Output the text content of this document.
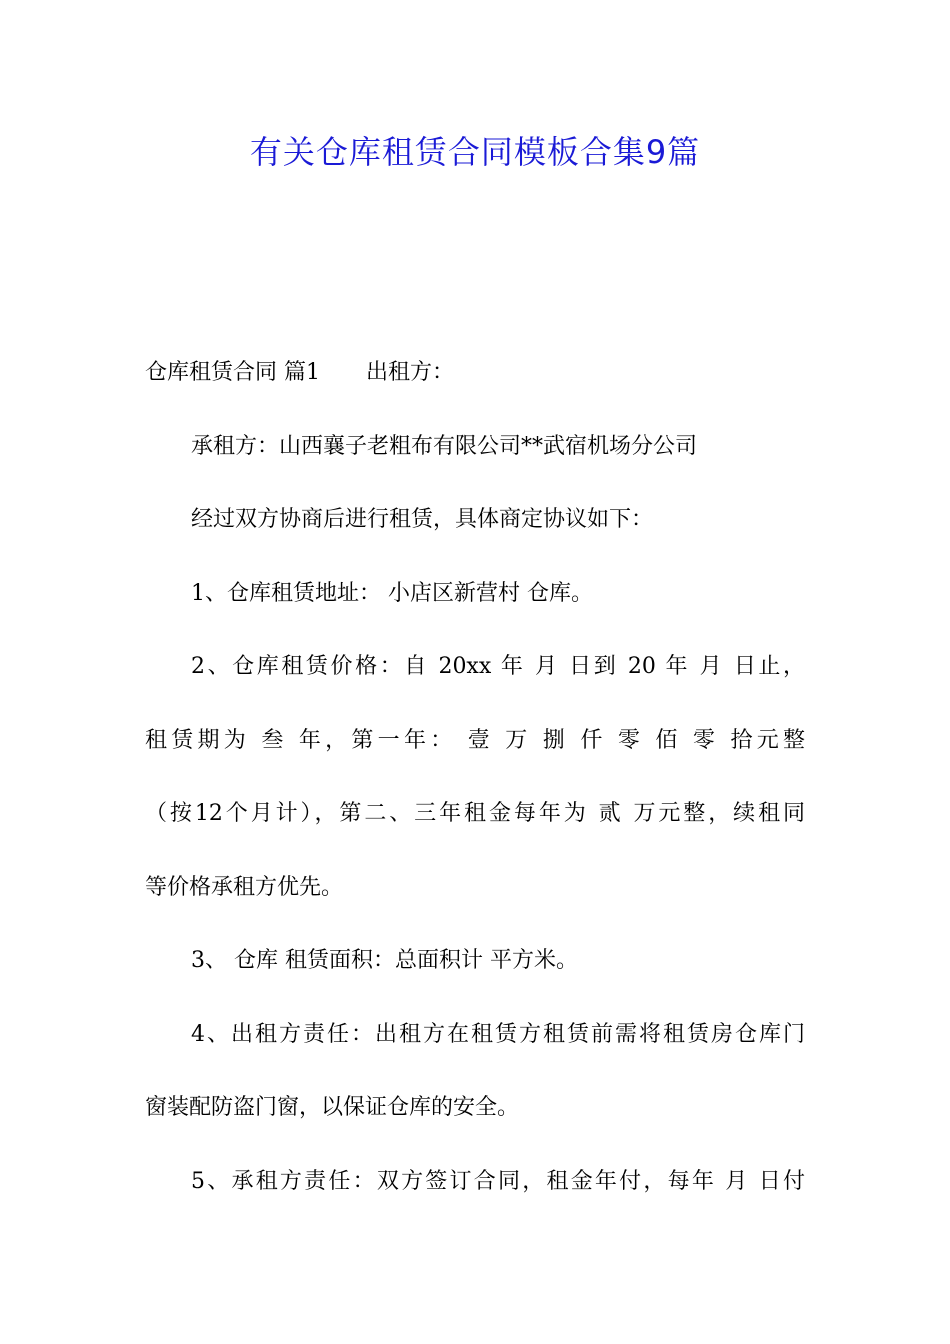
有关仓库租赁合同模板合集9篇

仓库租赁合同 篇1 出租方：

承租方：山西襄子老粗布有限公司**武宿机场分公司

经过双方协商后进行租赁，具体商定协议如下：

1、仓库租赁地址： 小店区新营村 仓库。

2、仓库租赁价格：自 20xx 年 月 日到 20 年 月 日止，

租赁期为 叁 年，第一年： 壹 万 捌 仟 零 佰 零 拾元整

（按12个月计），第二、三年租金每年为 贰 万元整，续租同

等价格承租方优先。

3、 仓库 租赁面积：总面积计 平方米。

4、出租方责任：出租方在租赁方租赁前需将租赁房仓库门

窗装配防盗门窗，以保证仓库的安全。

5、承租方责任：双方签订合同，租金年付，每年 月 日付
